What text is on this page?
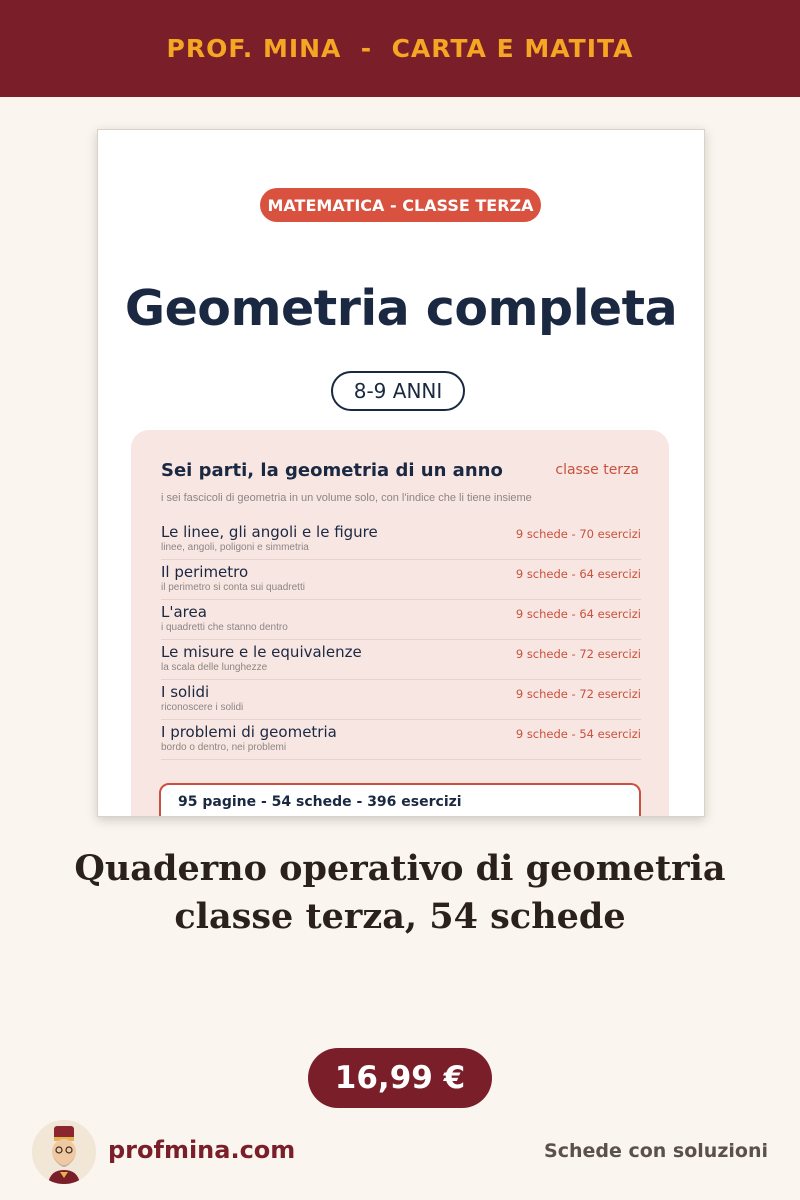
PROF. MINA  -  CARTA E MATITA
MATEMATICA - CLASSE TERZA
Geometria completa
8-9 ANNI
Sei parti, la geometria di un anno	classe terza
i sei fascicoli di geometria in un volume solo, con l'indice che li tiene insieme
Le linee, gli angoli e le figure
linee, angoli, poligoni e simmetria
9 schede - 70 esercizi
Il perimetro
il perimetro si conta sui quadretti
9 schede - 64 esercizi
L'area
i quadretti che stanno dentro
9 schede - 64 esercizi
Le misure e le equivalenze
la scala delle lunghezze
9 schede - 72 esercizi
I solidi
riconoscere i solidi
9 schede - 72 esercizi
I problemi di geometria
bordo o dentro, nei problemi
9 schede - 54 esercizi
95 pagine - 54 schede - 396 esercizi
Quaderno operativo di geometria
classe terza, 54 schede
16,99 €
profmina.com	Schede con soluzioni
